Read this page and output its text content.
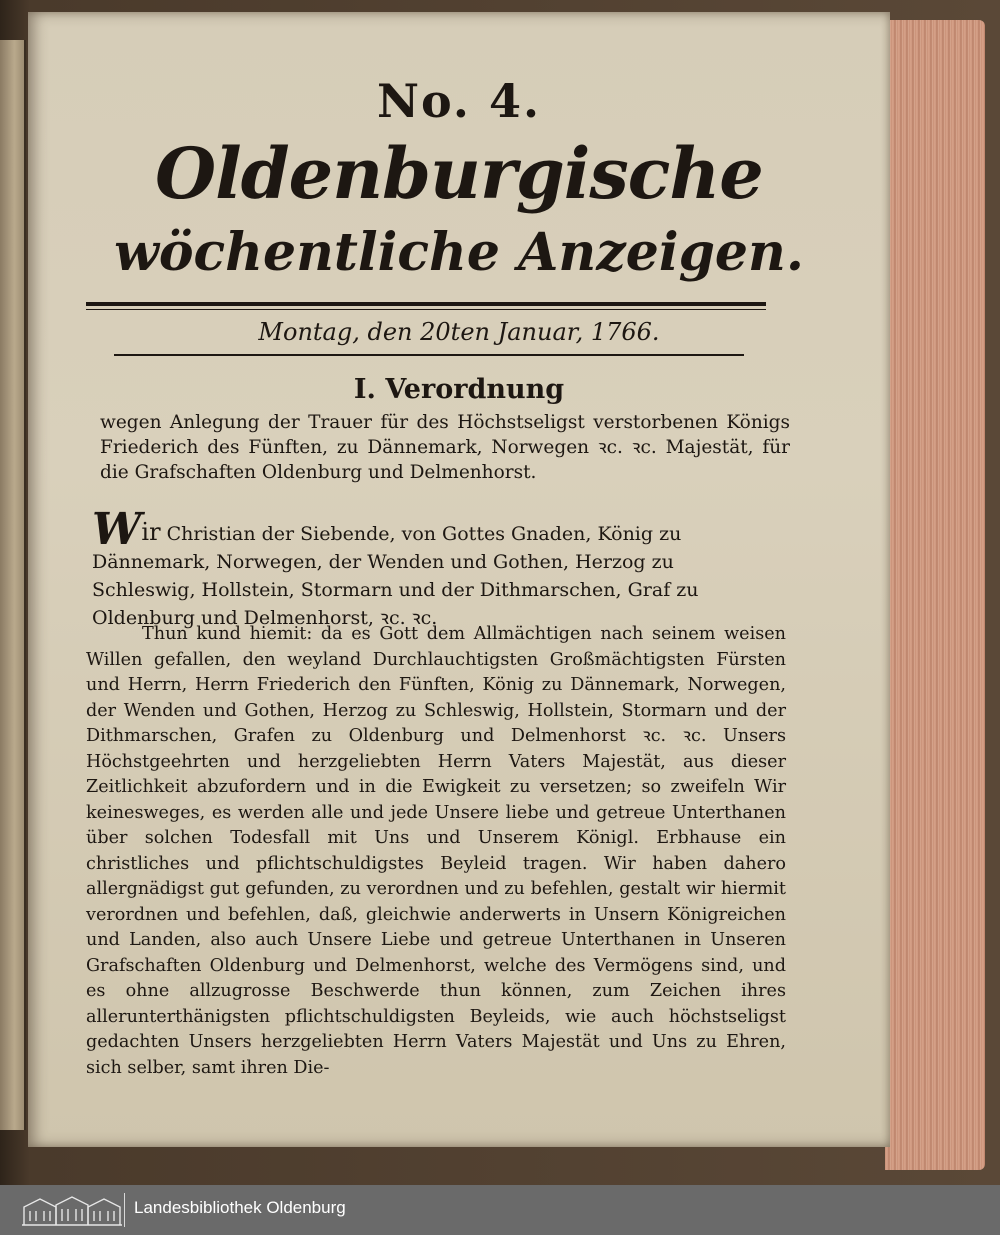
No. 4.
Oldenburgische
wöchentliche Anzeigen.
Montag, den 20ten Januar, 1766.
I. Verordnung
wegen Anlegung der Trauer für des Höchstseligst verstorbenen Königs Friederich des Fünften, zu Dännemark, Norwegen ꝛc. ꝛc. Majestät, für die Grafschaften Oldenburg und Delmenhorst.
Wir Christian der Siebende, von Gottes Gnaden, König zu Dännemark, Norwegen, der Wenden und Gothen, Herzog zu Schleswig, Hollstein, Stormarn und der Dithmarschen, Graf zu Oldenburg und Delmenhorst, ꝛc. ꝛc.

Thun kund hiemit: da es Gott dem Allmächtigen nach seinem weisen Willen gefallen, den weyland Durchlauchtigsten Großmächtigsten Fürsten und Herrn, Herrn Friederich den Fünften, König zu Dännemark, Norwegen, der Wenden und Gothen, Herzog zu Schleswig, Hollstein, Stormarn und der Dithmarschen, Grafen zu Oldenburg und Delmenhorst ꝛc. ꝛc. Unsers Höchstgeehrten und herzgeliebten Herrn Vaters Majestät, aus dieser Zeitlichkeit abzufordern und in die Ewigkeit zu versetzen; so zweifeln Wir keinesweges, es werden alle und jede Unsere liebe und getreue Unterthanen über solchen Todesfall mit Uns und Unserem Königl. Erbhause ein christliches und pflichtschuldigstes Beyleid tragen. Wir haben dahero allergnädigst gut gefunden, zu verordnen und zu befehlen, gestalt wir hiermit verordnen und befehlen, daß, gleichwie anderwerts in Unsern Königreichen und Landen, also auch Unsere Liebe und getreue Unterthanen in Unseren Grafschaften Oldenburg und Delmenhorst, welche des Vermögens sind, und es ohne allzugrosse Beschwerde thun können, zum Zeichen ihres allerunterthänigsten pflichtschuldigsten Beyleids, wie auch höchstseligst gedachten Unsers herzgeliebten Herrn Vaters Majestät und Uns zu Ehren, sich selber, samt ihren Die-

Landesbibliothek Oldenburg
